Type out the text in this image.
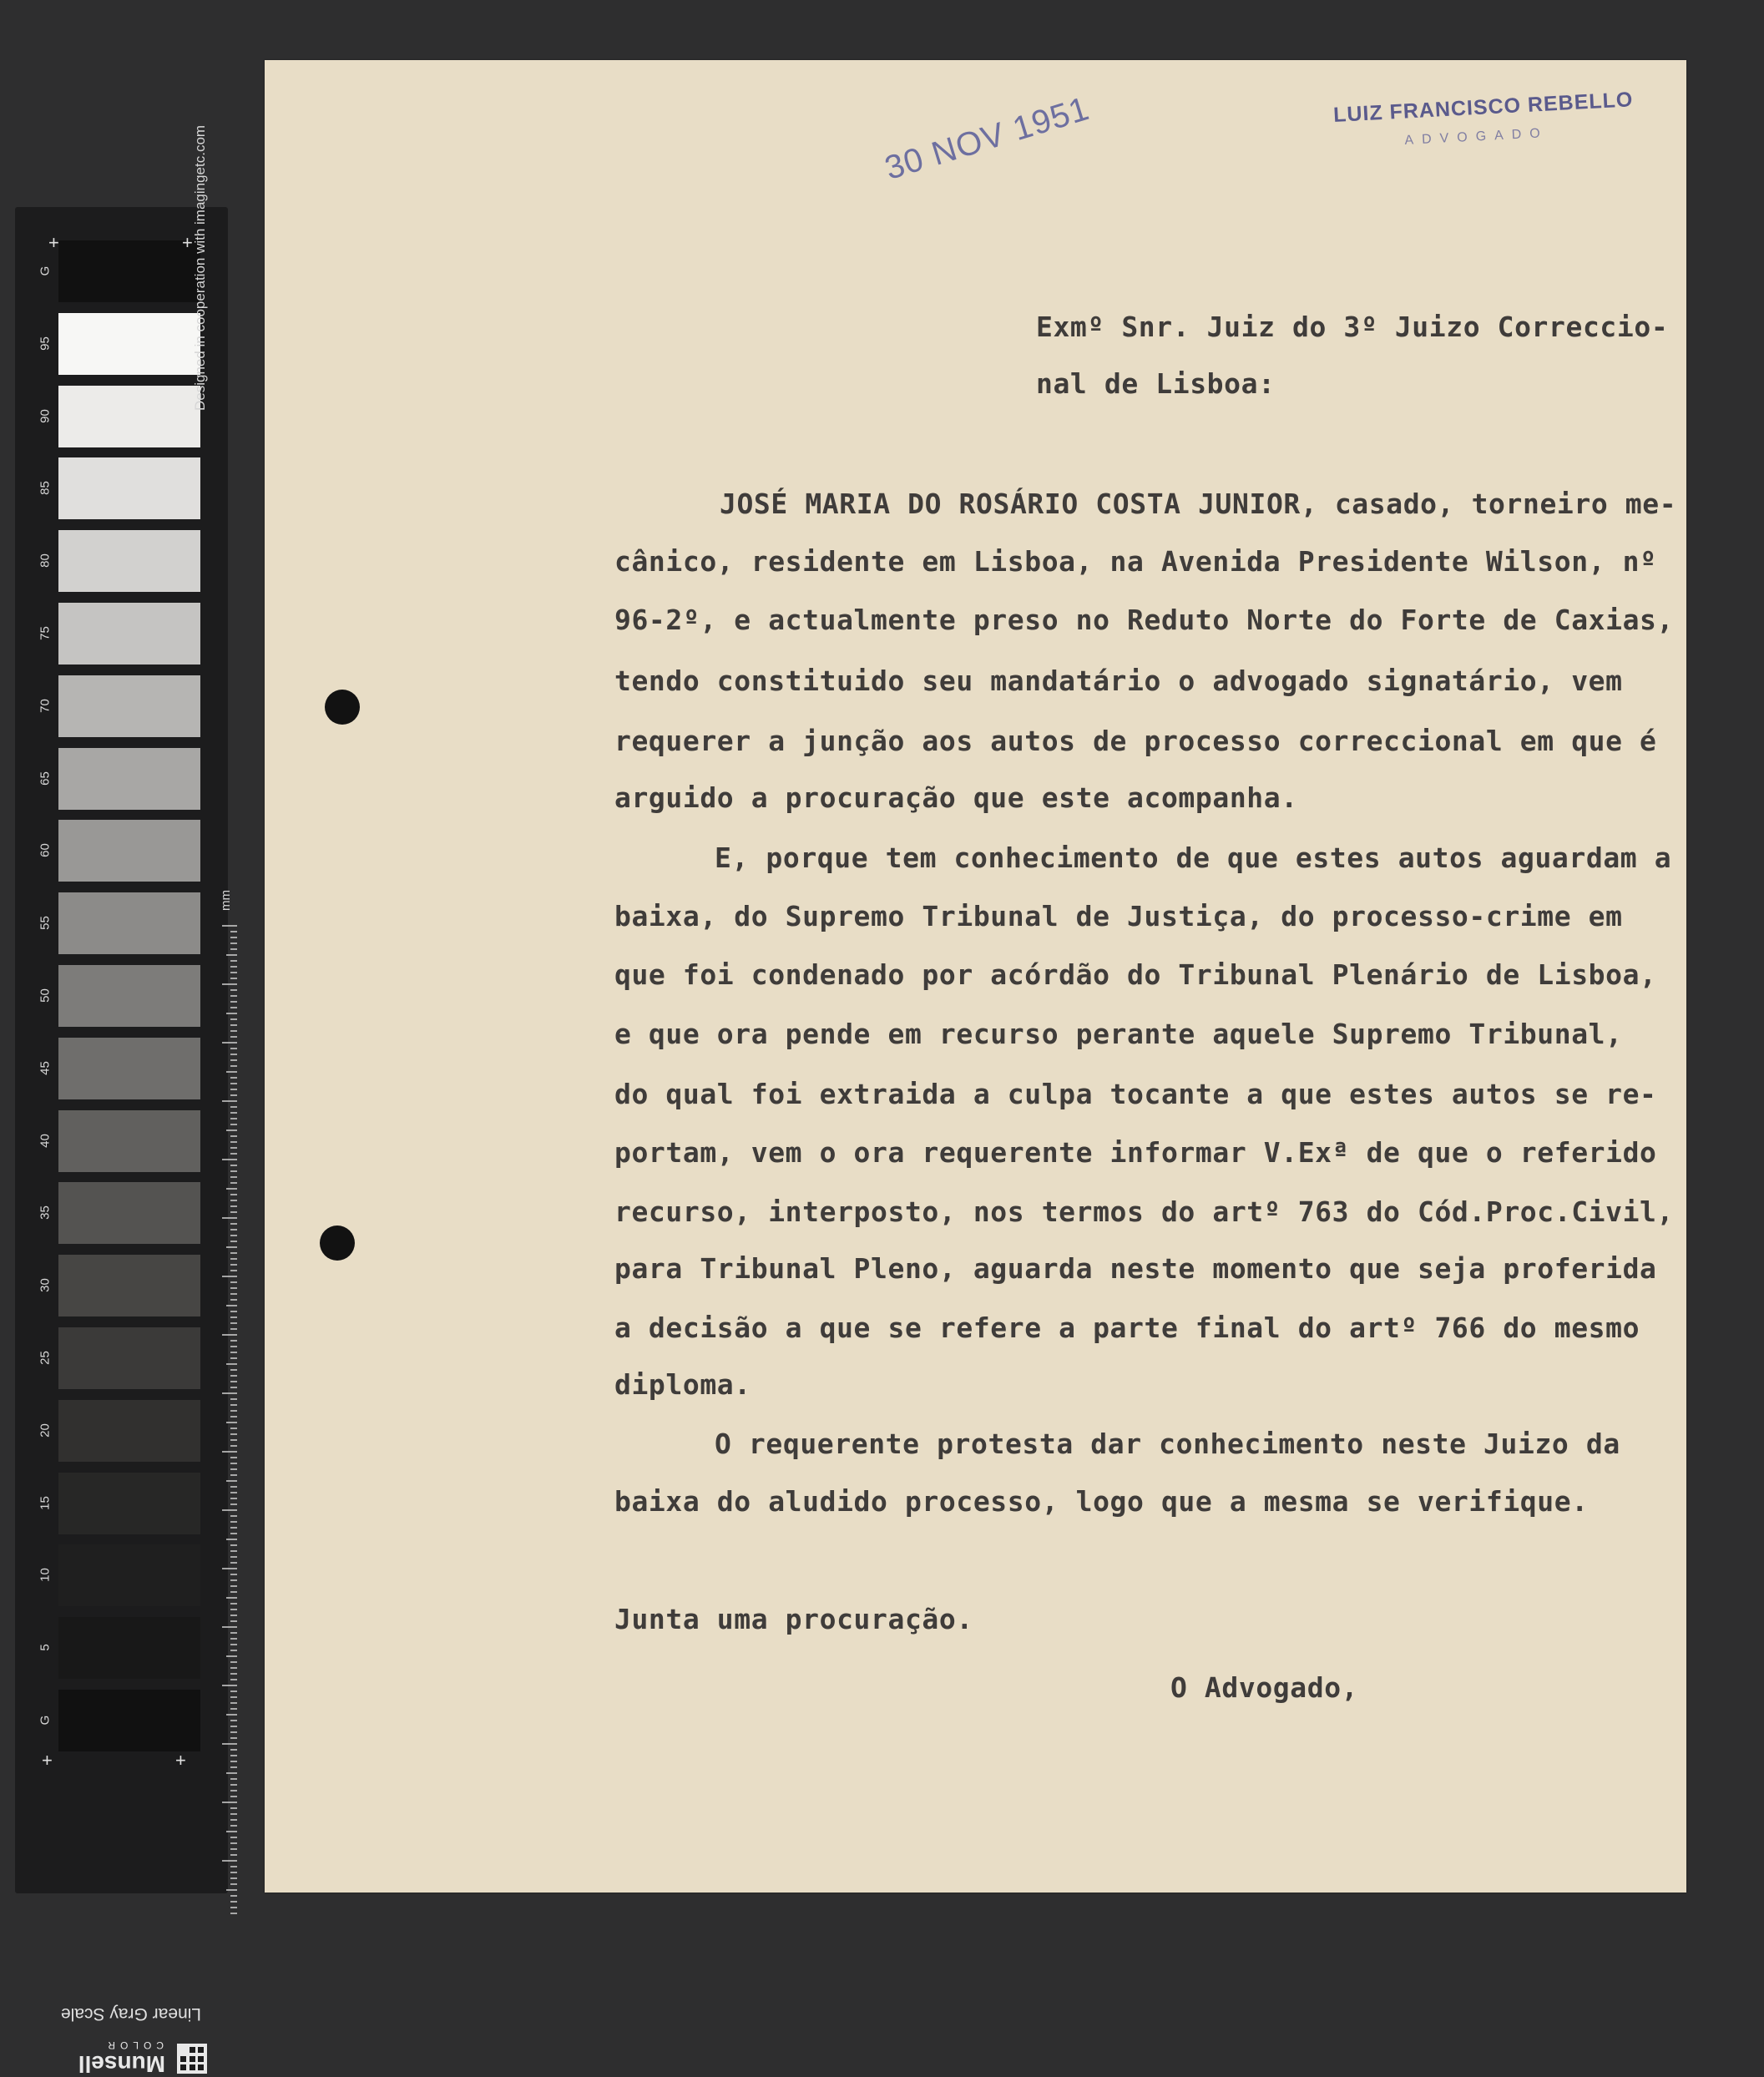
G
95
90
85
80
75
70
65
60
55
50
45
40
35
30
25
20
15
10
5
G
+	+
+	+
mm
Linear Gray Scale
Munsell
COLOR
Designed in cooperation with imagingetc.com	30 NOV 1951	LUIZ FRANCISCO REBELLO
ADVOGADO
Exmº Snr. Juiz do 3º Juizo Correccio-
nal de Lisboa:
JOSÉ MARIA DO ROSÁRIO COSTA JUNIOR, casado, torneiro me-
cânico, residente em Lisboa, na Avenida Presidente Wilson, nº
96-2º, e actualmente preso no Reduto Norte do Forte de Caxias,
tendo constituido seu mandatário o advogado signatário, vem
requerer a junção aos autos de processo correccional em que é
arguido a procuração que este acompanha.
E, porque tem conhecimento de que estes autos aguardam a
baixa, do Supremo Tribunal de Justiça, do processo-crime em
que foi condenado por acórdão do Tribunal Plenário de Lisboa,
e que ora pende em recurso perante aquele Supremo Tribunal,
do qual foi extraida a culpa tocante a que estes autos se re-
portam, vem o ora requerente informar V.Exª de que o referido
recurso, interposto, nos termos do artº 763 do Cód.Proc.Civil,
para Tribunal Pleno, aguarda neste momento que seja proferida
a decisão a que se refere a parte final do artº 766 do mesmo
diploma.
O requerente protesta dar conhecimento neste Juizo da
baixa do aludido processo, logo que a mesma se verifique.
Junta uma procuração.
O Advogado,
